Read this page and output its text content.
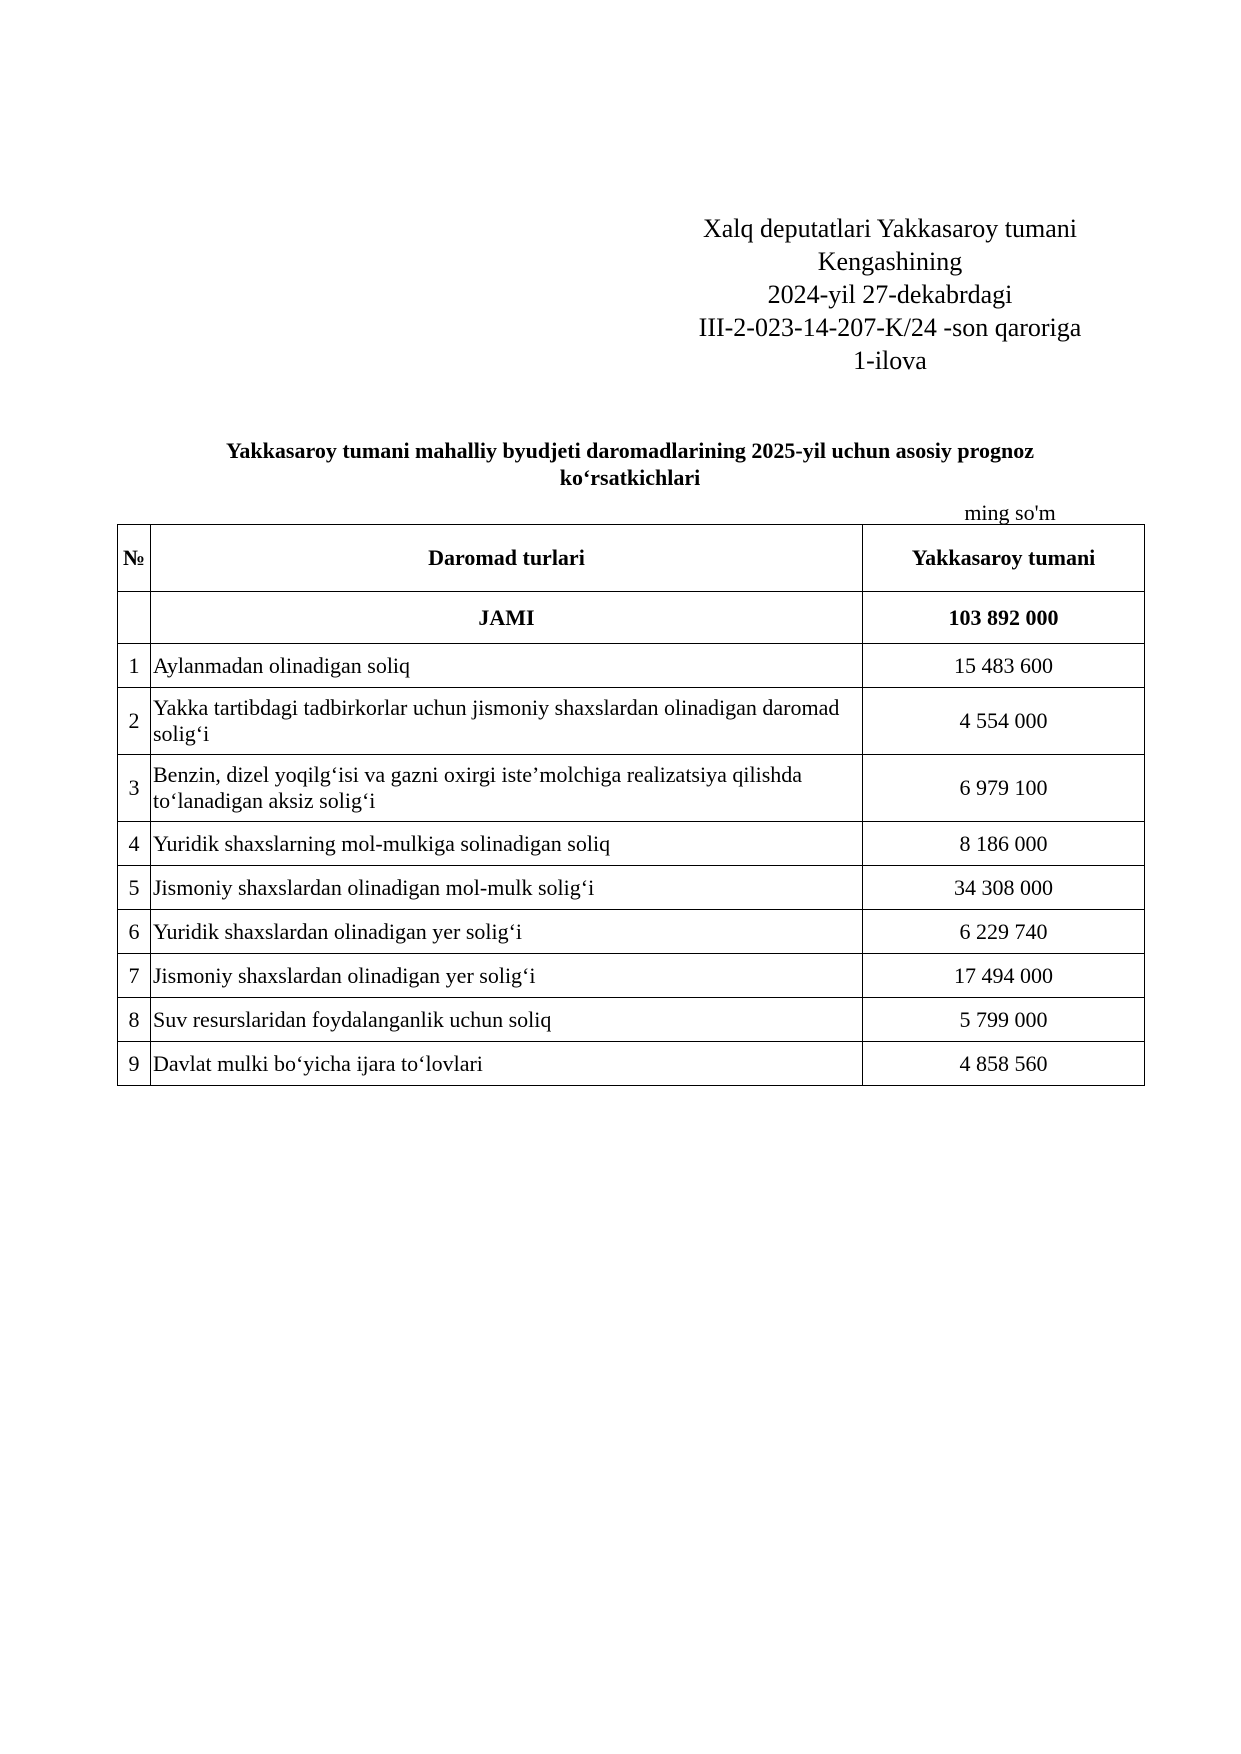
Xalq deputatlari Yakkasaroy tumani
Kengashining
2024-yil 27-dekabrdagi
III-2-023-14-207-K/24 -son qaroriga
1-ilova
Yakkasaroy tumani mahalliy byudjeti daromadlarining 2025-yil uchun asosiy prognoz
ko‘rsatkichlari
ming so'm
№	Daromad turlari	Yakkasaroy tumani
	JAMI	103 892 000
1	Aylanmadan olinadigan soliq	15 483 600
2	Yakka tartibdagi tadbirkorlar uchun jismoniy shaxslardan olinadigan daromad solig‘i	4 554 000
3	Benzin, dizel yoqilg‘isi va gazni oxirgi iste’molchiga realizatsiya qilishda to‘lanadigan aksiz solig‘i	6 979 100
4	Yuridik shaxslarning mol-mulkiga solinadigan soliq	8 186 000
5	Jismoniy shaxslardan olinadigan mol-mulk solig‘i	34 308 000
6	Yuridik shaxslardan olinadigan yer solig‘i	6 229 740
7	Jismoniy shaxslardan olinadigan yer solig‘i	17 494 000
8	Suv resurslaridan foydalanganlik uchun soliq	5 799 000
9	Davlat mulki bo‘yicha ijara to‘lovlari	4 858 560
